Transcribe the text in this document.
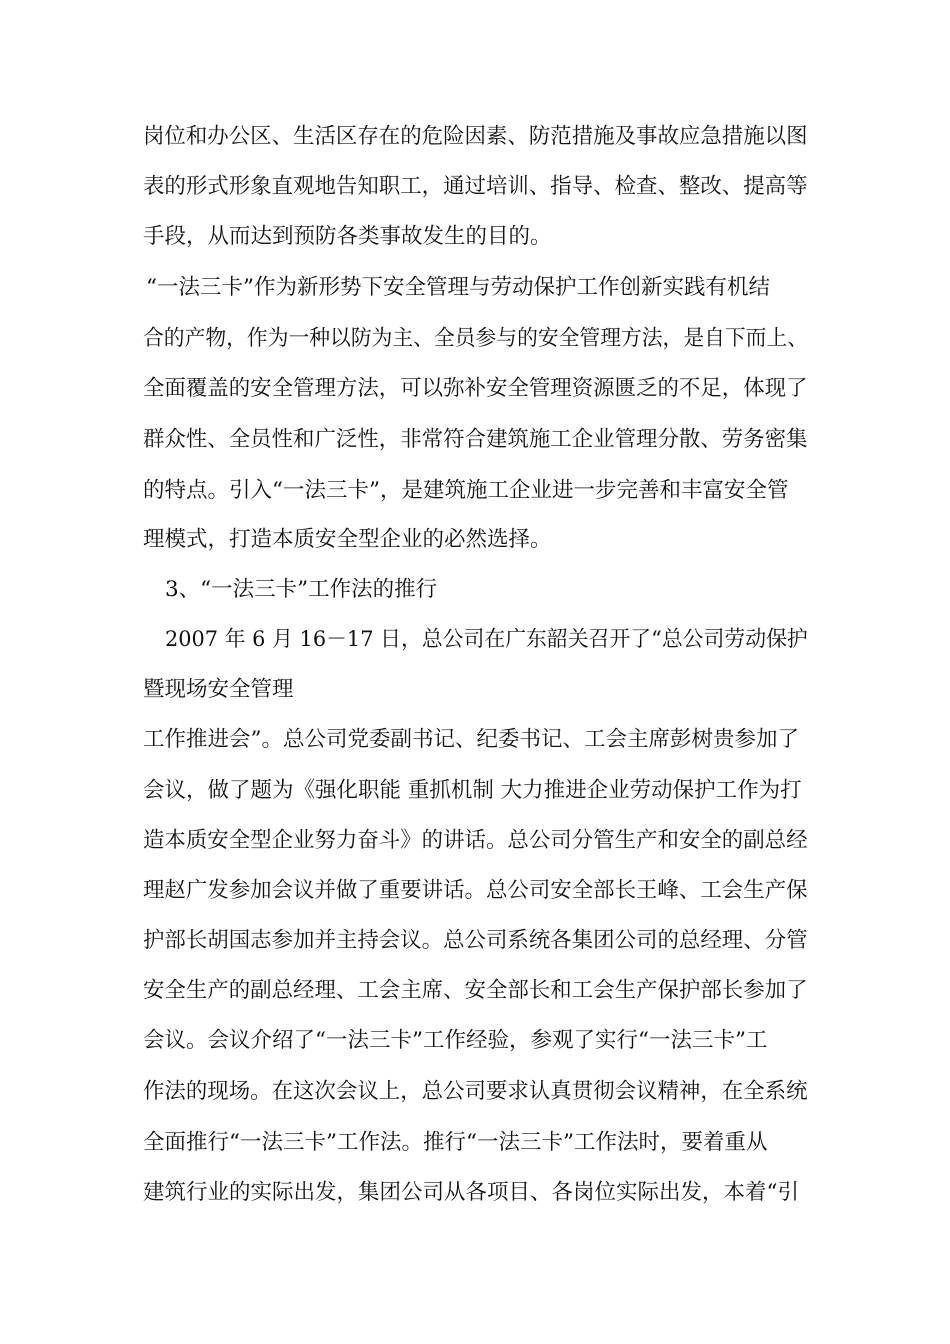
岗位和办公区、生活区存在的危险因素、防范措施及事故应急措施以图
表的形式形象直观地告知职工，通过培训、指导、检查、整改、提高等
手段，从而达到预防各类事故发生的目的。
“一法三卡”作为新形势下安全管理与劳动保护工作创新实践有机结
合的产物，作为一种以防为主、全员参与的安全管理方法，是自下而上、
全面覆盖的安全管理方法，可以弥补安全管理资源匮乏的不足，体现了
群众性、全员性和广泛性，非常符合建筑施工企业管理分散、劳务密集
的特点。引入“一法三卡”，是建筑施工企业进一步完善和丰富安全管
理模式，打造本质安全型企业的必然选择。
3、“一法三卡”工作法的推行
2007 年 6 月 16－17 日，总公司在广东韶关召开了“总公司劳动保护
暨现场安全管理
工作推进会”。总公司党委副书记、纪委书记、工会主席彭树贵参加了
会议，做了题为《强化职能 重抓机制 大力推进企业劳动保护工作为打
造本质安全型企业努力奋斗》的讲话。总公司分管生产和安全的副总经
理赵广发参加会议并做了重要讲话。总公司安全部长王峰、工会生产保
护部长胡国志参加并主持会议。总公司系统各集团公司的总经理、分管
安全生产的副总经理、工会主席、安全部长和工会生产保护部长参加了
会议。会议介绍了“一法三卡”工作经验，参观了实行“一法三卡”工
作法的现场。在这次会议上，总公司要求认真贯彻会议精神，在全系统
全面推行“一法三卡”工作法。推行“一法三卡”工作法时，要着重从
建筑行业的实际出发，集团公司从各项目、各岗位实际出发，本着“引
